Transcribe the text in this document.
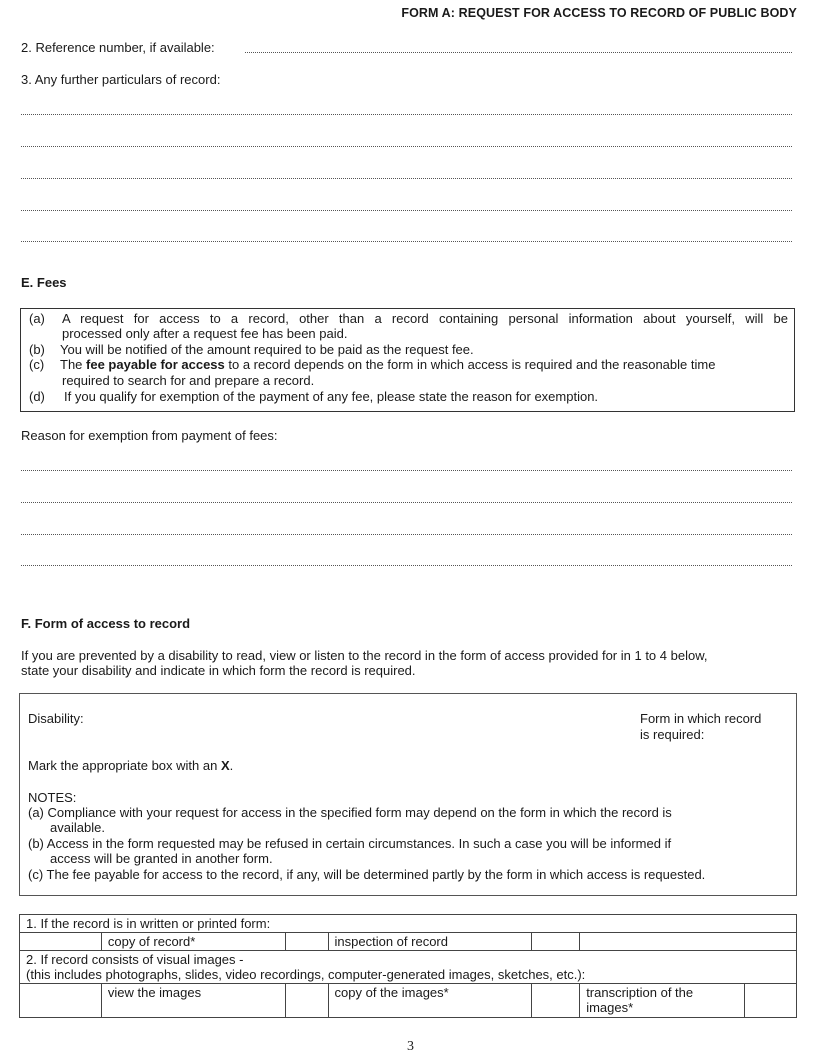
FORM A: REQUEST FOR ACCESS TO RECORD OF PUBLIC BODY
2. Reference number, if available:
3. Any further particulars of record:
E. Fees
(a) A request for access to a record, other than a record containing personal information about yourself, will be
processed only after a request fee has been paid.
(b) You will be notified of the amount required to be paid as the request fee.
(c) The fee payable for access to a record depends on the form in which access is required and the reasonable time
required to search for and prepare a record.
(d) If you qualify for exemption of the payment of any fee, please state the reason for exemption.
Reason for exemption from payment of fees:
F. Form of access to record
If you are prevented by a disability to read, view or listen to the record in the form of access provided for in 1 to 4 below,
state your disability and indicate in which form the record is required.
Disability:	Form in which record
is required:
Mark the appropriate box with an X.
NOTES:
(a) Compliance with your request for access in the specified form may depend on the form in which the record is
available.
(b) Access in the form requested may be refused in certain circumstances. In such a case you will be informed if
access will be granted in another form.
(c) The fee payable for access to the record, if any, will be determined partly by the form in which access is requested.
1. If the record is in written or printed form:						
	copy of record*		inspection of record			

2. If record consists of visual images -
(this includes photographs, slides, video recordings, computer-generated images, sketches, etc.):						

	view the images		copy of the images*		transcription of the
images*	

3
